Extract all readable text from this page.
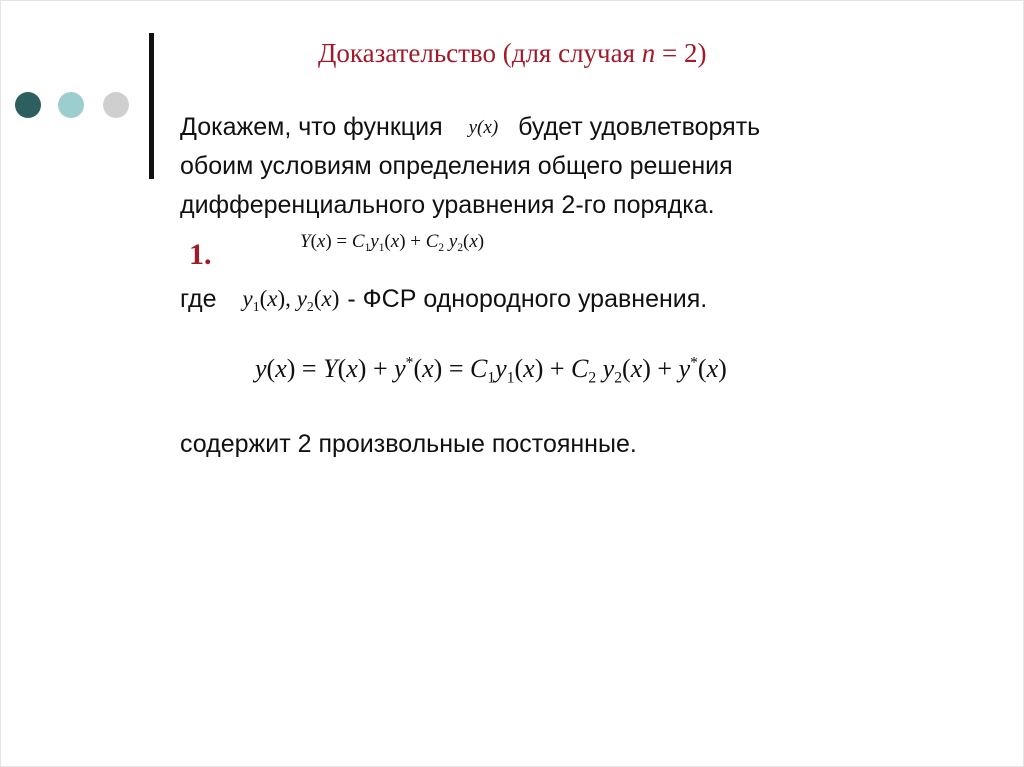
Доказательство (для случая n = 2)
Докажем, что функция y(x) будет удовлетворять
обоим условиям определения общего решения
дифференциального уравнения 2-го порядка.
1.	$Y(x) = C_1y_1(x) + C_2$ $y_2(x)$
где $y_1(x)$, $y_2(x)$ - ФСР однородного уравнения.
$y(x) = Y(x) + y^*(x) = C_1y_1(x) + C_2$ $y_2(x) + y^*(x)$
содержит 2 произвольные постоянные.
